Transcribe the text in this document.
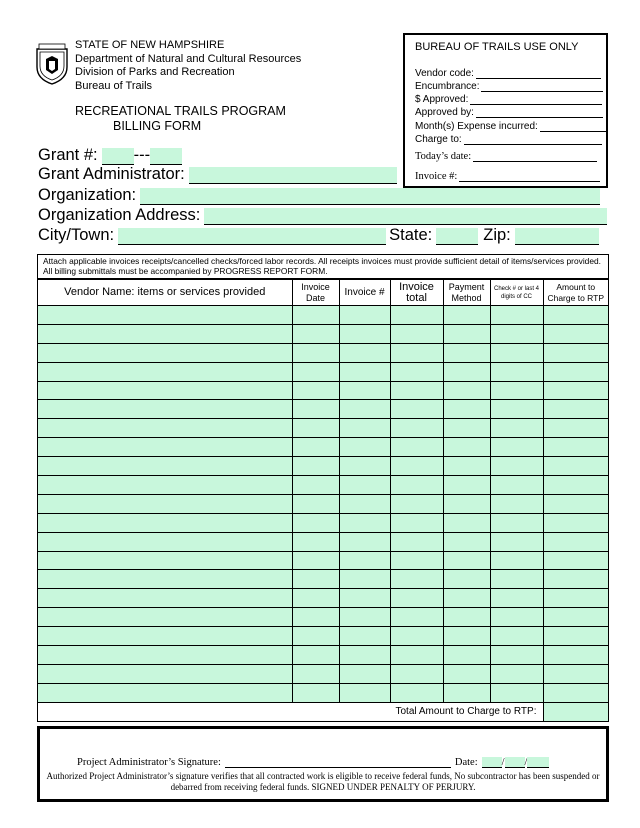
STATE OF NEW HAMPSHIRE
Department of Natural and Cultural Resources
Division of Parks and Recreation
Bureau of Trails
RECREATIONAL TRAILS PROGRAM
BILLING FORM
BUREAU OF TRAILS USE ONLY
Vendor code:
Encumbrance:
$ Approved:
Approved by:
Month(s) Expense incurred:
Charge to:
Today’s date:
Invoice #:
Grant #: ---
Grant Administrator:
Organization:
Organization Address:
City/Town:	State:	Zip:
Attach applicable invoices receipts/cancelled checks/forced labor records. All receipts invoices must provide sufficient detail of items/services provided. All billing submittals must be accompanied by PROGRESS REPORT FORM.
Vendor Name: items or services provided	Invoice Date	Invoice #	Invoice total	Payment Method	Check # or last 4 digits of CC	Amount to Charge to RTP

Total Amount to Charge to RTP:						
Project Administrator’s Signature:	Date: / /
Authorized Project Administrator’s signature verifies that all contracted work is eligible to receive federal funds, No subcontractor has been suspended or debarred from receiving federal funds. SIGNED UNDER PENALTY OF PERJURY.
